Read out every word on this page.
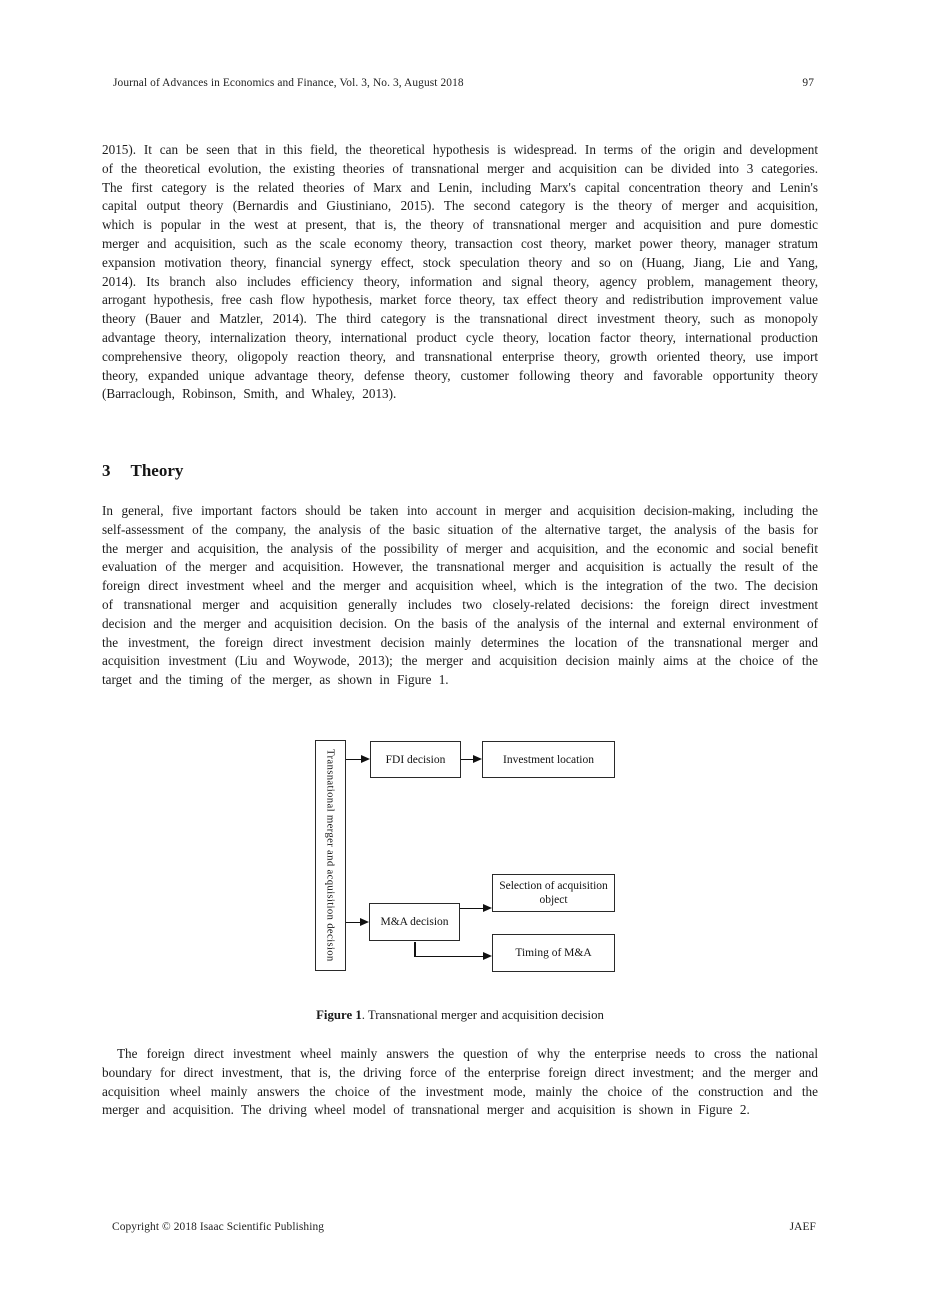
Journal of Advances in Economics and Finance, Vol. 3, No. 3, August 2018	97

2015). It can be seen that in this field, the theoretical hypothesis is widespread. In terms of the origin and development of the theoretical evolution, the existing theories of transnational merger and acquisition can be divided into 3 categories. The first category is the related theories of Marx and Lenin, including Marx's capital concentration theory and Lenin's capital output theory (Bernardis and Giustiniano, 2015). The second category is the theory of merger and acquisition, which is popular in the west at present, that is, the theory of transnational merger and acquisition and pure domestic merger and acquisition, such as the scale economy theory, transaction cost theory, market power theory, manager stratum expansion motivation theory, financial synergy effect, stock speculation theory and so on (Huang, Jiang, Lie and Yang, 2014). Its branch also includes efficiency theory, information and signal theory, agency problem, management theory, arrogant hypothesis, free cash flow hypothesis, market force theory, tax effect theory and redistribution improvement value theory (Bauer and Matzler, 2014). The third category is the transnational direct investment theory, such as monopoly advantage theory, internalization theory, international product cycle theory, location factor theory, international production comprehensive theory, oligopoly reaction theory, and transnational enterprise theory, growth oriented theory, use import theory, expanded unique advantage theory, defense theory, customer following theory and favorable opportunity theory (Barraclough, Robinson, Smith, and Whaley, 2013).

3 Theory

In general, five important factors should be taken into account in merger and acquisition decision-making, including the self-assessment of the company, the analysis of the basic situation of the alternative target, the analysis of the basis for the merger and acquisition, the analysis of the possibility of merger and acquisition, and the economic and social benefit evaluation of the merger and acquisition. However, the transnational merger and acquisition is actually the result of the foreign direct investment wheel and the merger and acquisition wheel, which is the integration of the two. The decision of transnational merger and acquisition generally includes two closely-related decisions: the foreign direct investment decision and the merger and acquisition decision. On the basis of the analysis of the internal and external environment of the investment, the foreign direct investment decision mainly determines the location of the transnational merger and acquisition investment (Liu and Woywode, 2013); the merger and acquisition decision mainly aims at the choice of the target and the timing of the merger, as shown in Figure 1.

Transnational merger and acquisition decision	FDI decision	Investment location
M&A decision
Selection of acquisition object
Timing of M&A
Figure 1. Transnational merger and acquisition decision

The foreign direct investment wheel mainly answers the question of why the enterprise needs to cross the national boundary for direct investment, that is, the driving force of the enterprise foreign direct investment; and the merger and acquisition wheel mainly answers the choice of the investment mode, mainly the choice of the construction and the merger and acquisition. The driving wheel model of transnational merger and acquisition is shown in Figure 2.

Copyright © 2018 Isaac Scientific Publishing	JAEF
